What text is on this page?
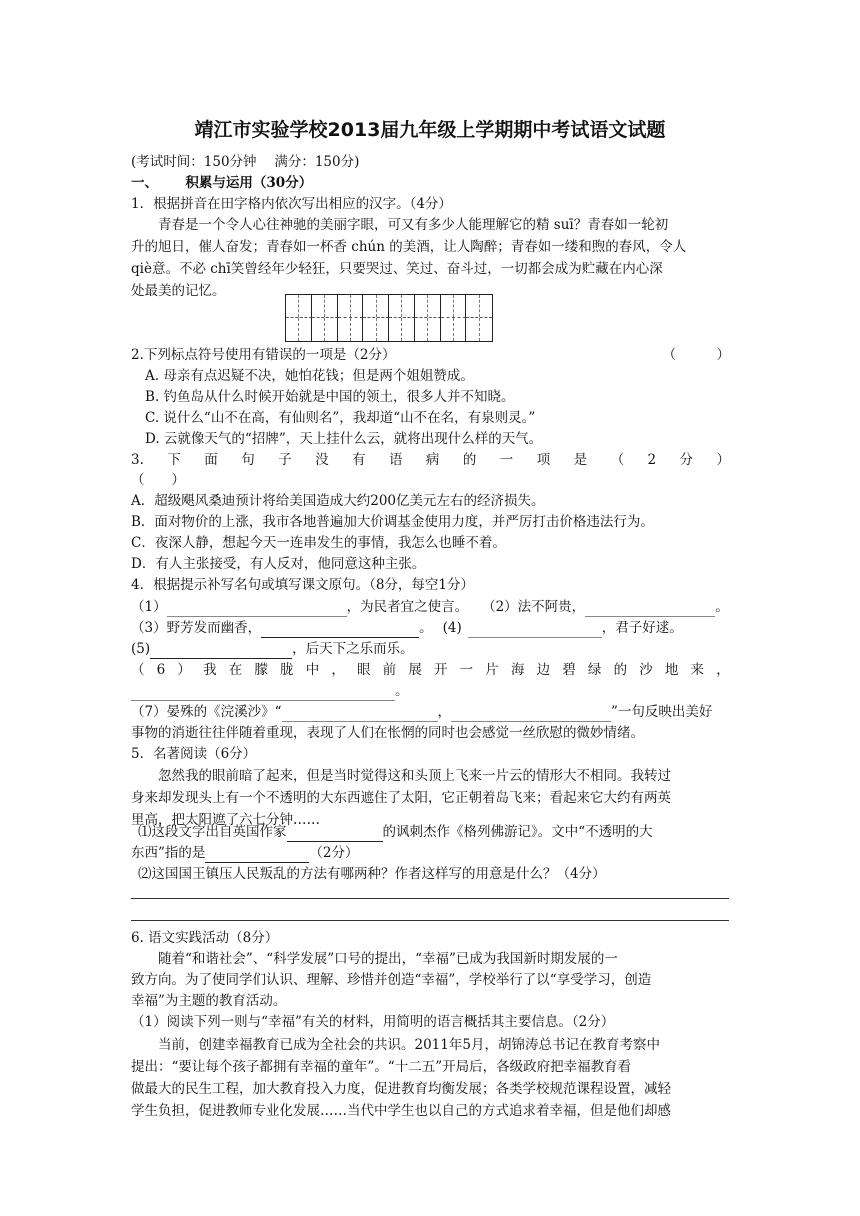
靖江市实验学校2013届九年级上学期期中考试语文试题
(考试时间：150分钟　 满分：150分)
一、 积累与运用（30分）
1．根据拼音在田字格内依次写出相应的汉字。（4分）
　　青春是一个令人心往神驰的美丽字眼，可又有多少人能理解它的精 suī？青春如一轮初
升的旭日，催人奋发；青春如一杯香 chún 的美酒，让人陶醉；青春如一缕和煦的春风，令人
qiè意。不必 chī笑曾经年少轻狂，只要哭过、笑过、奋斗过，一切都会成为贮藏在内心深
处最美的记忆。
2.下列标点符号使用有错误的一项是（2分）	（　　　）
A. 母亲有点迟疑不决，她怕花钱；但是两个姐姐赞成。
B. 钓鱼岛从什么时候开始就是中国的领土，很多人并不知晓。
C. 说什么“山不在高，有仙则名”，我却道“山不在名，有泉则灵。”
D. 云就像天气的“招牌”，天上挂什么云，就将出现什么样的天气。
3. 下 面 句 子 没 有 语 病 的 一 项 是 （ 2 分 ）
（　　）
A．超级飓风桑迪预计将给美国造成大约200亿美元左右的经济损失。
B．面对物价的上涨，我市各地普遍加大价调基金使用力度，并严厉打击价格违法行为。
C．夜深人静，想起今天一连串发生的事情，我怎么也睡不着。
D．有人主张接受，有人反对，他同意这种主张。
4．根据提示补写名句或填写课文原句。（8分，每空1分）
（1）	，为民者宜之使言。 （2）法不阿贵，	。
（3）野芳发而幽香，	。 (4)	，君子好逑。
(5)	，后天下之乐而乐。
（ 6 ） 我 在 朦 胧 中 ， 眼 前 展 开 一 片 海 边 碧 绿 的 沙 地 来 ，
。
（7）晏殊的《浣溪沙》“	，	”一句反映出美好
事物的消逝往往伴随着重现，表现了人们在怅惘的同时也会感觉一丝欣慰的微妙情绪。
5．名著阅读（6分）
　　忽然我的眼前暗了起来，但是当时觉得这和头顶上飞来一片云的情形大不相同。我转过
身来却发现头上有一个不透明的大东西遮住了太阳，它正朝着岛飞来；看起来它大约有两英
里高，把太阳遮了六七分钟……
⑴这段文字出自英国作家	的讽刺杰作《格列佛游记》。文中“不透明的大
东西”指的是	（2分）
⑵这国国王镇压人民叛乱的方法有哪两种？作者这样写的用意是什么？（4分）
6. 语文实践活动（8分）
　　随着“和谐社会”、“科学发展”口号的提出，“幸福”已成为我国新时期发展的一
致方向。为了使同学们认识、理解、珍惜并创造“幸福”，学校举行了以“享受学习，创造
幸福”为主题的教育活动。
（1）阅读下列一则与“幸福”有关的材料，用简明的语言概括其主要信息。（2分）
　　当前，创建幸福教育已成为全社会的共识。2011年5月，胡锦涛总书记在教育考察中
提出：“要让每个孩子都拥有幸福的童年”。“十二五”开局后，各级政府把幸福教育看
做最大的民生工程，加大教育投入力度，促进教育均衡发展；各类学校规范课程设置，减轻
学生负担，促进教师专业化发展……当代中学生也以自己的方式追求着幸福，但是他们却感
